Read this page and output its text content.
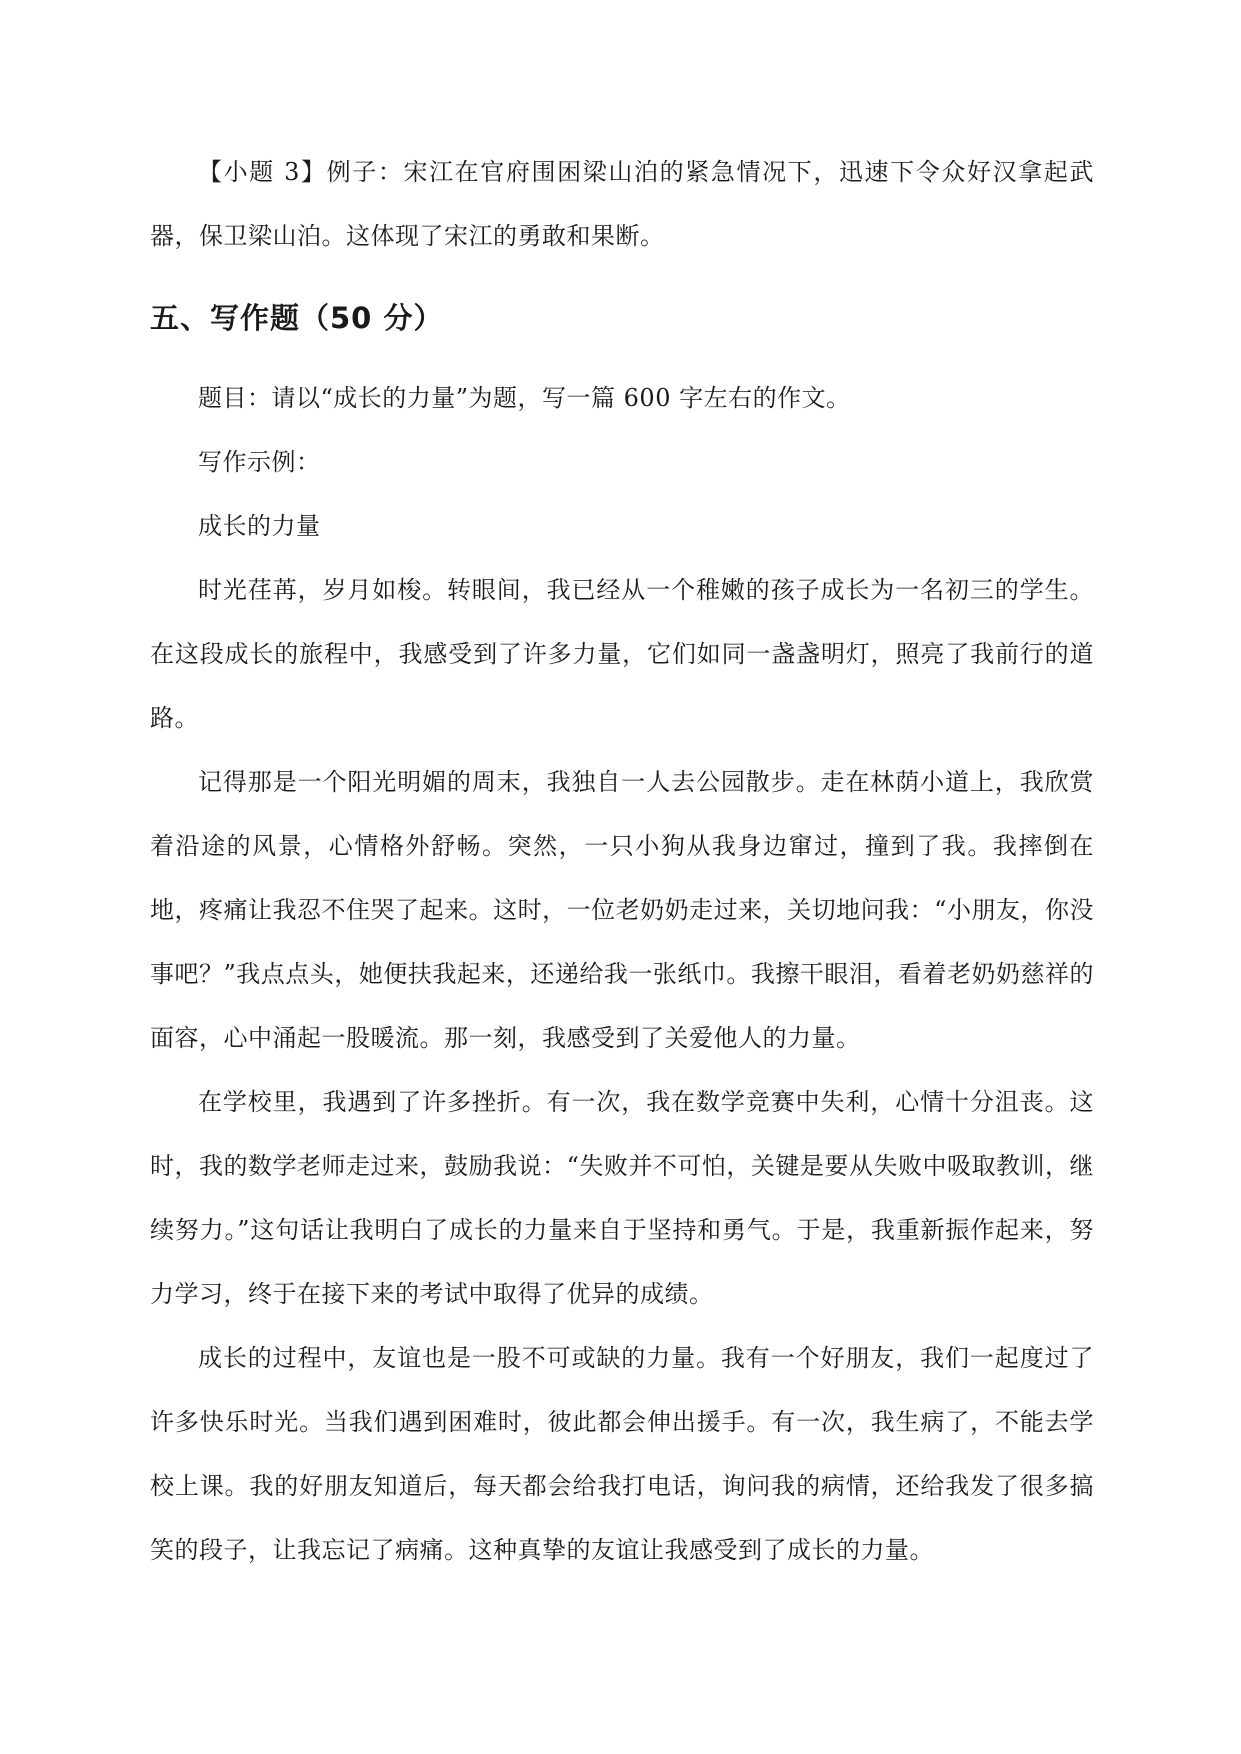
【小题 3】例子：宋江在官府围困梁山泊的紧急情况下，迅速下令众好汉拿起武器，保卫梁山泊。这体现了宋江的勇敢和果断。

五、写作题（50 分）

题目：请以“成长的力量”为题，写一篇 600 字左右的作文。

写作示例：

成长的力量

时光荏苒，岁月如梭。转眼间，我已经从一个稚嫩的孩子成长为一名初三的学生。在这段成长的旅程中，我感受到了许多力量，它们如同一盏盏明灯，照亮了我前行的道路。

记得那是一个阳光明媚的周末，我独自一人去公园散步。走在林荫小道上，我欣赏着沿途的风景，心情格外舒畅。突然，一只小狗从我身边窜过，撞到了我。我摔倒在地，疼痛让我忍不住哭了起来。这时，一位老奶奶走过来，关切地问我：“小朋友，你没事吧？”我点点头，她便扶我起来，还递给我一张纸巾。我擦干眼泪，看着老奶奶慈祥的面容，心中涌起一股暖流。那一刻，我感受到了关爱他人的力量。

在学校里，我遇到了许多挫折。有一次，我在数学竞赛中失利，心情十分沮丧。这时，我的数学老师走过来，鼓励我说：“失败并不可怕，关键是要从失败中吸取教训，继续努力。”这句话让我明白了成长的力量来自于坚持和勇气。于是，我重新振作起来，努力学习，终于在接下来的考试中取得了优异的成绩。

成长的过程中，友谊也是一股不可或缺的力量。我有一个好朋友，我们一起度过了许多快乐时光。当我们遇到困难时，彼此都会伸出援手。有一次，我生病了，不能去学校上课。我的好朋友知道后，每天都会给我打电话，询问我的病情，还给我发了很多搞笑的段子，让我忘记了病痛。这种真挚的友谊让我感受到了成长的力量。
